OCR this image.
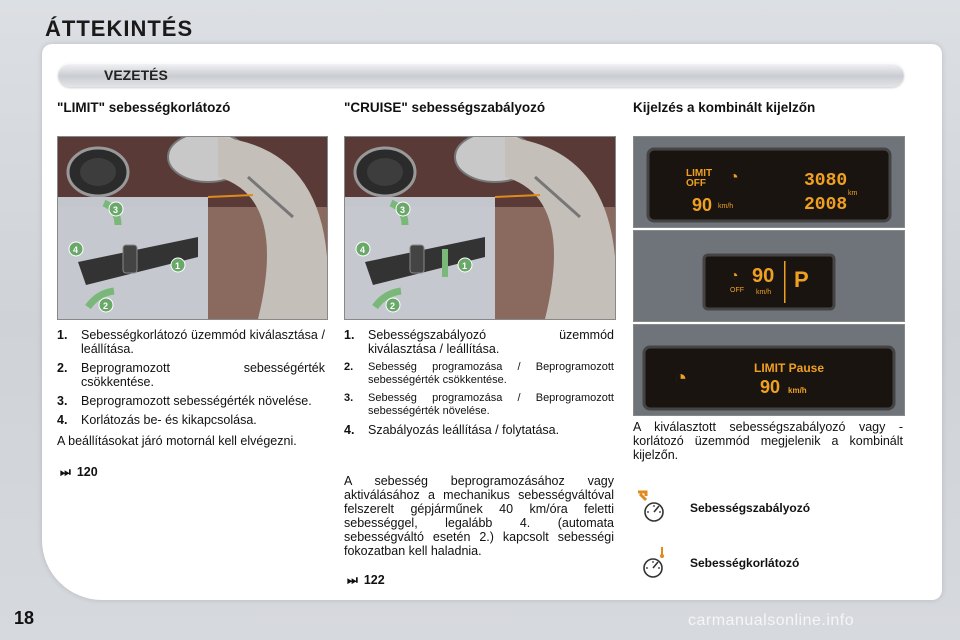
ÁTTEKINTÉS
VEZETÉS
"LIMIT" sebességkorlátozó
3
4
1
2
1. Sebességkorlátozó üzemmód kiválasztása / leállítása.
2. Beprogramozott sebességérték csökkentése.
3. Beprogramozott sebességérték növelése.
4. Korlátozás be- és kikapcsolása.
A beállításokat járó motornál kell elvégezni.
⏭ 120
"CRUISE" sebességszabályozó
3
4
1
2
1. Sebességszabályozó üzemmód kiválasztása / leállítása.
2. Sebesség programozása / Beprogramozott sebességérték csökkentése.
3. Sebesség programozása / Beprogramozott sebességérték növelése.
4. Szabályozás leállítása / folytatása.
A sebesség beprogramozásához vagy aktiválásához a mechanikus sebességváltóval felszerelt gépjárműnek 40 km/óra feletti sebességgel, legalább 4. (automata sebességváltó esetén 2.) kapcsolt sebességi fokozatban kell haladnia.
⏭ 122
Kijelzés a kombinált kijelzőn
LIMIT
OFF	◔
90 km/h
3080
km
2008
◔
OFF
90
km/h
P
◔	LIMIT Pause
90 km/h
A kiválasztott sebességszabályozó vagy -korlátozó üzemmód megjelenik a kombinált kijelzőn.
Sebességszabályozó
Sebességkorlátozó
18	carmanualsonline.info
